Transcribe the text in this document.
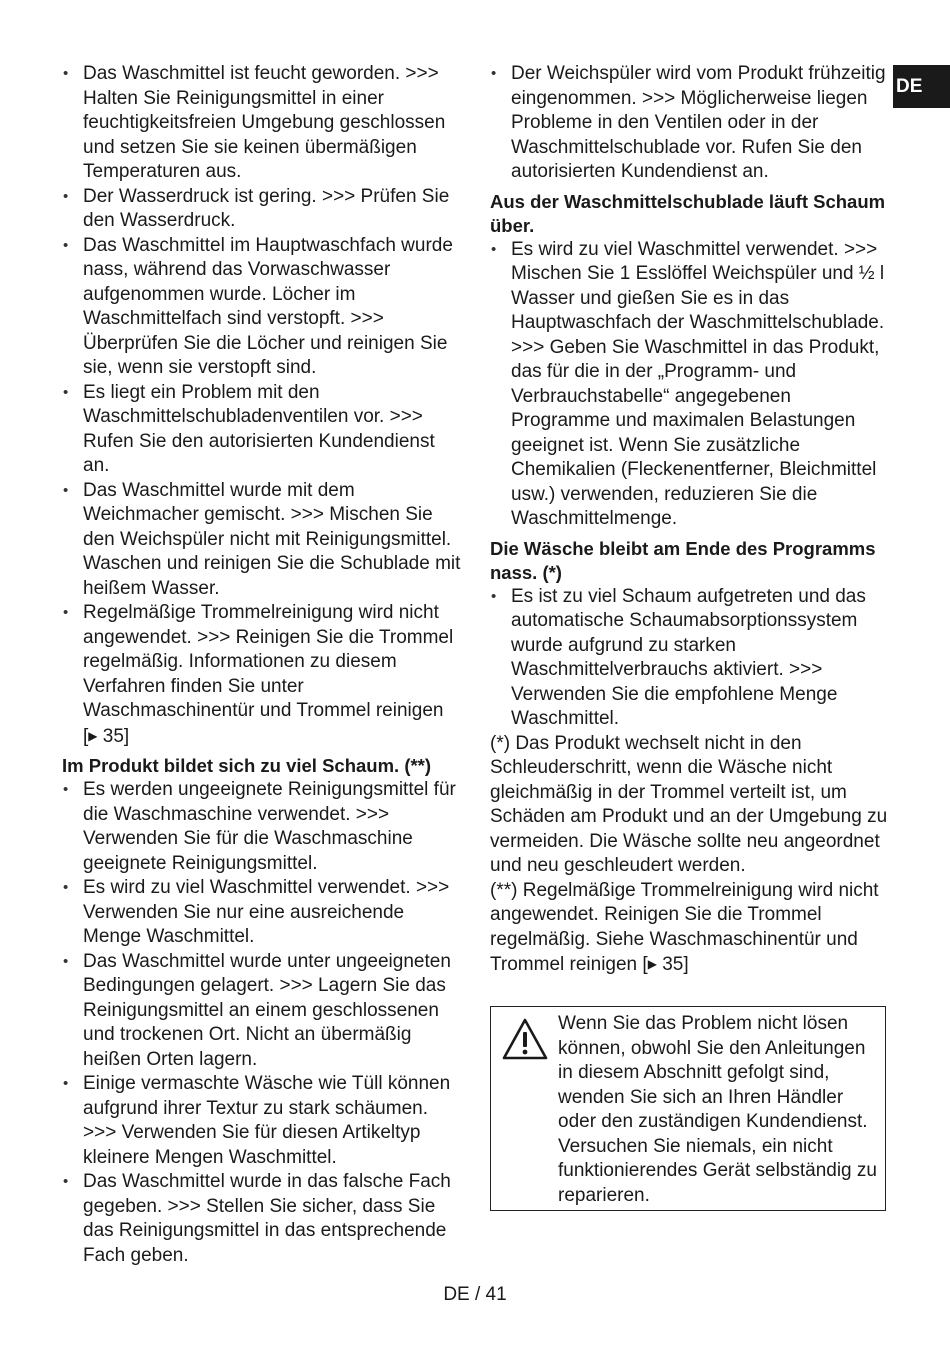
DE
• Das Waschmittel ist feucht geworden. >>> Halten Sie Reinigungsmittel in einer feuchtigkeitsfreien Umgebung geschlossen und setzen Sie sie keinen übermäßigen Temperaturen aus.
• Der Wasserdruck ist gering. >>> Prüfen Sie den Wasserdruck.
• Das Waschmittel im Hauptwaschfach wurde nass, während das Vorwaschwasser aufgenommen wurde. Löcher im Waschmittelfach sind verstopft. >>> Überprüfen Sie die Löcher und reinigen Sie sie, wenn sie verstopft sind.
• Es liegt ein Problem mit den Waschmittelschubladenventilen vor. >>> Rufen Sie den autorisierten Kundendienst an.
• Das Waschmittel wurde mit dem Weichmacher gemischt. >>> Mischen Sie den Weichspüler nicht mit Reinigungsmittel. Waschen und reinigen Sie die Schublade mit heißem Wasser.
• Regelmäßige Trommelreinigung wird nicht angewendet. >>> Reinigen Sie die Trommel regelmäßig. Informationen zu diesem Verfahren finden Sie unter Waschmaschinentür und Trommel reinigen [▶ 35]

Im Produkt bildet sich zu viel Schaum. (**)

• Es werden ungeeignete Reinigungsmittel für die Waschmaschine verwendet. >>> Verwenden Sie für die Waschmaschine geeignete Reinigungsmittel.
• Es wird zu viel Waschmittel verwendet. >>> Verwenden Sie nur eine ausreichende Menge Waschmittel.
• Das Waschmittel wurde unter ungeeigneten Bedingungen gelagert. >>> Lagern Sie das Reinigungsmittel an einem geschlossenen und trockenen Ort. Nicht an übermäßig heißen Orten lagern.
• Einige vermaschte Wäsche wie Tüll können aufgrund ihrer Textur zu stark schäumen. >>> Verwenden Sie für diesen Artikeltyp kleinere Mengen Waschmittel.
• Das Waschmittel wurde in das falsche Fach gegeben. >>> Stellen Sie sicher, dass Sie das Reinigungsmittel in das entsprechende Fach geben.
• Der Weichspüler wird vom Produkt frühzeitig eingenommen. >>> Möglicherweise liegen Probleme in den Ventilen oder in der Waschmittelschublade vor. Rufen Sie den autorisierten Kundendienst an.

Aus der Waschmittelschublade läuft Schaum über.

• Es wird zu viel Waschmittel verwendet. >>> Mischen Sie 1 Esslöffel Weichspüler und ½ l Wasser und gießen Sie es in das Hauptwaschfach der Waschmittelschublade. >>> Geben Sie Waschmittel in das Produkt, das für die in der „Programm- und Verbrauchstabelle“ angegebenen Programme und maximalen Belastungen geeignet ist. Wenn Sie zusätzliche Chemikalien (Fleckenentferner, Bleichmittel usw.) verwenden, reduzieren Sie die Waschmittelmenge.

Die Wäsche bleibt am Ende des Programms nass. (*)

• Es ist zu viel Schaum aufgetreten und das automatische Schaumabsorptionssystem wurde aufgrund zu starken Waschmittelverbrauchs aktiviert. >>> Verwenden Sie die empfohlene Menge Waschmittel.

(*) Das Produkt wechselt nicht in den Schleuderschritt, wenn die Wäsche nicht gleichmäßig in der Trommel verteilt ist, um Schäden am Produkt und an der Umgebung zu vermeiden. Die Wäsche sollte neu angeordnet und neu geschleudert werden.

(**) Regelmäßige Trommelreinigung wird nicht angewendet. Reinigen Sie die Trommel regelmäßig. Siehe Waschmaschinentür und Trommel reinigen [▶ 35]

Wenn Sie das Problem nicht lösen können, obwohl Sie den Anleitungen in diesem Abschnitt gefolgt sind, wenden Sie sich an Ihren Händler oder den zuständigen Kundendienst. Versuchen Sie niemals, ein nicht funktionierendes Gerät selbständig zu reparieren.
DE / 41
